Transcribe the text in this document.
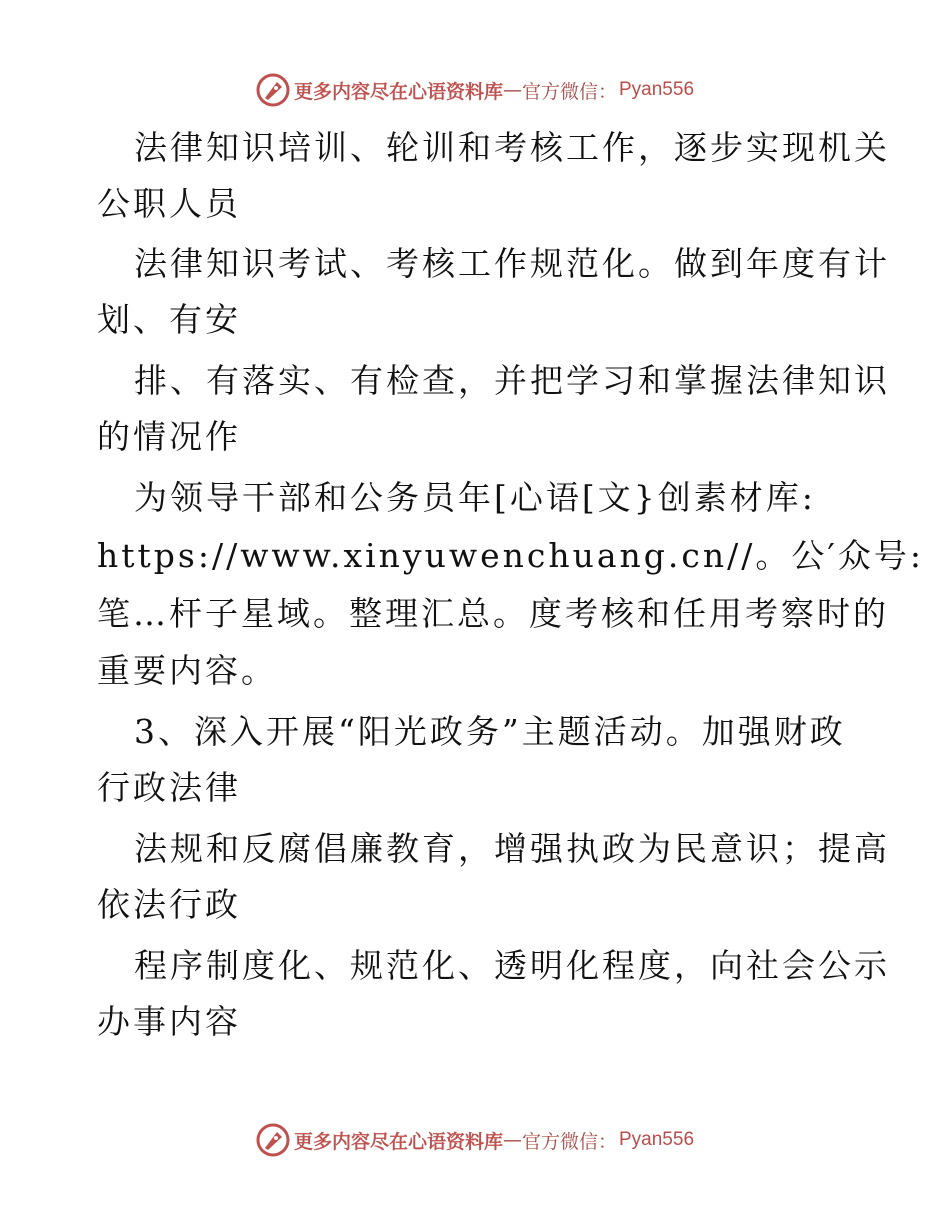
更多内容尽在心语资料库 — 官方微信： Pyan556
法律知识培训、轮训和考核工作，逐步实现机关
公职人员
法律知识考试、考核工作规范化。做到年度有计
划、有安
排、有落实、有检查，并把学习和掌握法律知识
的情况作
为领导干部和公务员年[心语[文}创素材库:
https://www.xinyuwenchuang.cn//。公′众号:
笔…杆子星域。整理汇总。度考核和任用考察时的
重要内容。
3、深入开展“阳光政务”主题活动。加强财政
行政法律
法规和反腐倡廉教育，增强执政为民意识；提高
依法行政
程序制度化、规范化、透明化程度，向社会公示
办事内容
更多内容尽在心语资料库 — 官方微信： Pyan556
